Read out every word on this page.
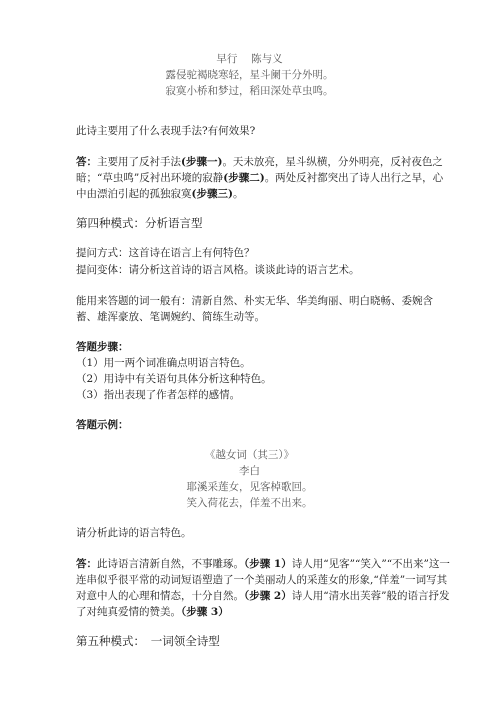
早行　 陈与义
露侵驼褐晓寒轻，星斗阑干分外明。
寂寞小桥和梦过，稻田深处草虫鸣。
此诗主要用了什么表现手法?有何效果?
答：主要用了反衬手法(步骤一)。天未放亮，星斗纵横，分外明亮，反衬夜色之暗；“草虫鸣”反衬出环境的寂静(步骤二)。两处反衬都突出了诗人出行之早，心中由漂泊引起的孤独寂寞(步骤三)。
第四种模式：分析语言型
提问方式：这首诗在语言上有何特色？
提问变体：请分析这首诗的语言风格。谈谈此诗的语言艺术。
能用来答题的词一般有：清新自然、朴实无华、华美绚丽、明白晓畅、委婉含蓄、雄浑豪放、笔调婉约、简练生动等。
答题步骤：
（1）用一两个词准确点明语言特色。
（2）用诗中有关语句具体分析这种特色。
（3）指出表现了作者怎样的感情。
答题示例：
《越女词（其三）》
李白
耶溪采莲女，见客棹歌回。
笑入荷花去，佯羞不出来。
请分析此诗的语言特色。
答：此诗语言清新自然，不事雕琢。（步骤 1）诗人用“见客”“笑入”“不出来”这一连串似乎很平常的动词短语塑造了一个美丽动人的采莲女的形象,“佯羞”一词写其对意中人的心理和情态，十分自然。（步骤 2）诗人用“清水出芙蓉”般的语言抒发了对纯真爱情的赞美。（步骤 3）
第五种模式：　一词领全诗型
